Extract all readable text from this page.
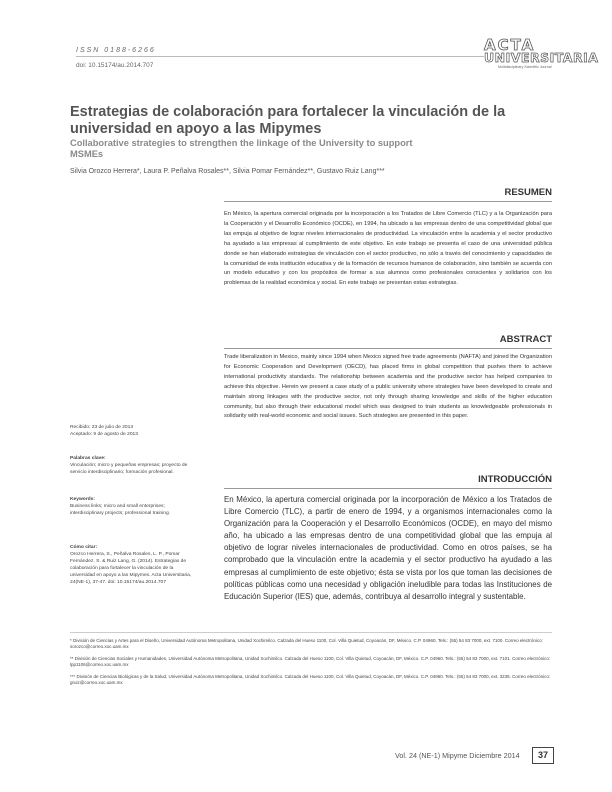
ISSN 0188-6266
doi: 10.15174/au.2014.707
ACTA
UNIVERSITARIA
Multidisciplinary Scientific Journal
Estrategias de colaboración para fortalecer la vinculación de la universidad en apoyo a las Mipymes
Collaborative strategies to strengthen the linkage of the University to support MSMEs
Silvia Orozco Herrera*, Laura P. Peñalva Rosales**, Silvia Pomar Fernández**, Gustavo Ruiz Lang***
RESUMEN
En México, la apertura comercial originada por la incorporación a los Tratados de Libre Comercio (TLC) y a la Organización para la Cooperación y el Desarrollo Económico (OCDE), en 1994, ha ubicado a las empresas dentro de una competitividad global que las empuja al objetivo de lograr niveles internacionales de productividad. La vinculación entre la academia y el sector productivo ha ayudado a las empresas al cumplimiento de este objetivo. En este trabajo se presenta el caso de una universidad pública donde se han elaborado estrategias de vinculación con el sector productivo, no sólo a través del conocimiento y capacidades de la comunidad de esta institución educativa y de la formación de recursos humanos de colaboración, sino también se acuerda con un modelo educativo y con los propósitos de formar a sus alumnos como profesionales conscientes y solidarios con los problemas de la realidad económica y social. En este trabajo se presentan estas estrategias.
ABSTRACT
Trade liberalization in Mexico, mainly since 1994 when Mexico signed free trade agreements (NAFTA) and joined the Organization for Economic Cooperation and Development (OECD), has placed firms in global competition that pushes them to achieve international productivity standards. The relationship between academia and the productive sector has helped companies to achieve this objective. Herein we present a case study of a public university where strategies have been developed to create and maintain strong linkages with the productive sector, not only through sharing knowledge and skills of the higher education community, but also through their educational model which was designed to train students as knowledgeable professionals in solidarity with real-world economic and social issues. Such strategies are presented in this paper.
Recibido: 23 de julio de 2013
Aceptado: 9 de agosto de 2013
Palabras clave:
Vinculación; micro y pequeñas empresas; proyecto de servicio interdisciplinario; formación profesional.
Keywords:
Business links; micro and small enterprises; interdisciplinary projects; professional training.
Cómo citar:
Orozco Herrera, S., Peñalva Rosales, L. P., Pomar Fernández, S. & Ruiz Lang, G. (2014). Estrategias de colaboración para fortalecer la vinculación de la universidad en apoyo a las Mipymes. Acta Universitaria, 24(NE-1), 37-47. doi: 10.15174/au.2014.707
INTRODUCCIÓN
En México, la apertura comercial originada por la incorporación de México a los Tratados de Libre Comercio (TLC), a partir de enero de 1994, y a organismos internacionales como la Organización para la Cooperación y el Desarrollo Económicos (OCDE), en mayo del mismo año, ha ubicado a las empresas dentro de una competitividad global que las empuja al objetivo de lograr niveles internacionales de productividad. Como en otros países, se ha comprobado que la vinculación entre la academia y el sector productivo ha ayudado a las empresas al cumplimiento de este objetivo; ésta se vista por los que toman las decisiones de políticas públicas como una necesidad y obligación ineludible para todas las Instituciones de Educación Superior (IES) que, además, contribuya al desarrollo integral y sustentable.
* División de Ciencias y Artes para el Diseño, Universidad Autónoma Metropolitana, Unidad Xochimilco. Calzada del Hueso 1100, Col. Villa Quietud, Coyoacán, DF, México. C.P. 04960. Tels.: (55) 54 83 7000, ext. 7100. Correo electrónico: sorozco@correo.xoc.uam.mx
** División de Ciencias Sociales y Humanidades, Universidad Autónoma Metropolitana, Unidad Xochimilco. Calzada del Hueso 1100, Col. Villa Quietud, Coyoacán, DF, México. C.P. 04960. Tels.: (55) 54 83 7000, ext. 7101. Correo electrónico: lpp1106@correo.xoc.uam.mx
*** División de Ciencias Biológicas y de la Salud, Universidad Autónoma Metropolitana, Unidad Xochimilco. Calzada del Hueso 1100, Col. Villa Quietud, Coyoacán, DF, México. C.P. 04960. Tels.: (55) 54 83 7000, ext. 3235. Correo electrónico: gruiz@correo.xoc.uam.mx
Vol. 24 (NE-1) Mipyme Diciembre 2014	37
